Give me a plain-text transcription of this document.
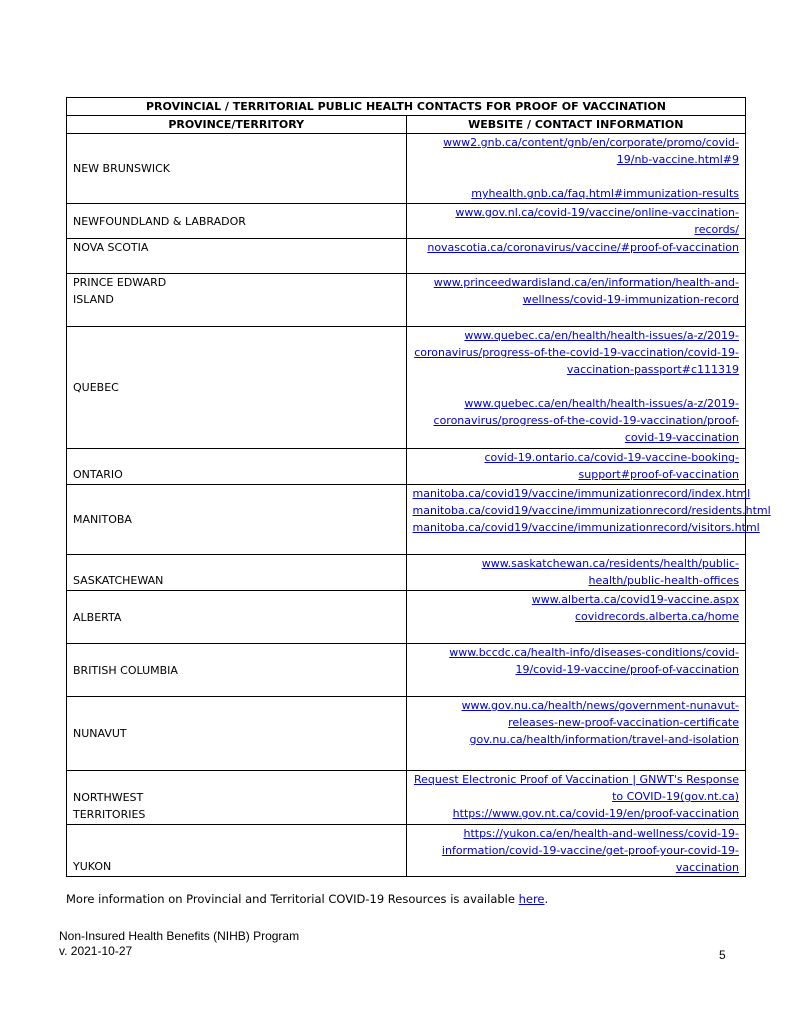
PROVINCIAL / TERRITORIAL PUBLIC HEALTH CONTACTS FOR PROOF OF VACCINATION	
PROVINCE/TERRITORY	WEBSITE / CONTACT INFORMATION
NEW BRUNSWICK	www2.gnb.ca/content/gnb/en/corporate/promo/covid-19/nb-vaccine.html#9
myhealth.gnb.ca/faq.html#immunization-results

NEWFOUNDLAND & LABRADOR	www.gov.nl.ca/covid-19/vaccine/online-vaccination-records/

NOVA SCOTIA	novascotia.ca/coronavirus/vaccine/#proof-of-vaccination

PRINCE EDWARD ISLAND	www.princeedwardisland.ca/en/information/health-and-wellness/covid-19-immunization-record

QUEBEC	www.quebec.ca/en/health/health-issues/a-z/2019-coronavirus/progress-of-the-covid-19-vaccination/covid-19-vaccination-passport#c111319
www.quebec.ca/en/health/health-issues/a-z/2019-coronavirus/progress-of-the-covid-19-vaccination/proof-covid-19-vaccination

ONTARIO	covid-19.ontario.ca/covid-19-vaccine-booking-support#proof-of-vaccination

MANITOBA	manitoba.ca/covid19/vaccine/immunizationrecord/index.html
manitoba.ca/covid19/vaccine/immunizationrecord/residents.html
manitoba.ca/covid19/vaccine/immunizationrecord/visitors.html

SASKATCHEWAN	www.saskatchewan.ca/residents/health/public-health/public-health-offices

ALBERTA	www.alberta.ca/covid19-vaccine.aspx
covidrecords.alberta.ca/home

BRITISH COLUMBIA	www.bccdc.ca/health-info/diseases-conditions/covid-19/covid-19-vaccine/proof-of-vaccination

NUNAVUT	www.gov.nu.ca/health/news/government-nunavut-releases-new-proof-vaccination-certificate
gov.nu.ca/health/information/travel-and-isolation

NORTHWEST TERRITORIES	Request Electronic Proof of Vaccination | GNWT's Response to COVID-19(gov.nt.ca)
https://www.gov.nt.ca/covid-19/en/proof-vaccination

YUKON	https://yukon.ca/en/health-and-wellness/covid-19-information/covid-19-vaccine/get-proof-your-covid-19-vaccination
More information on Provincial and Territorial COVID-19 Resources is available here.
Non-Insured Health Benefits (NIHB) Program
v. 2021-10-27	5
